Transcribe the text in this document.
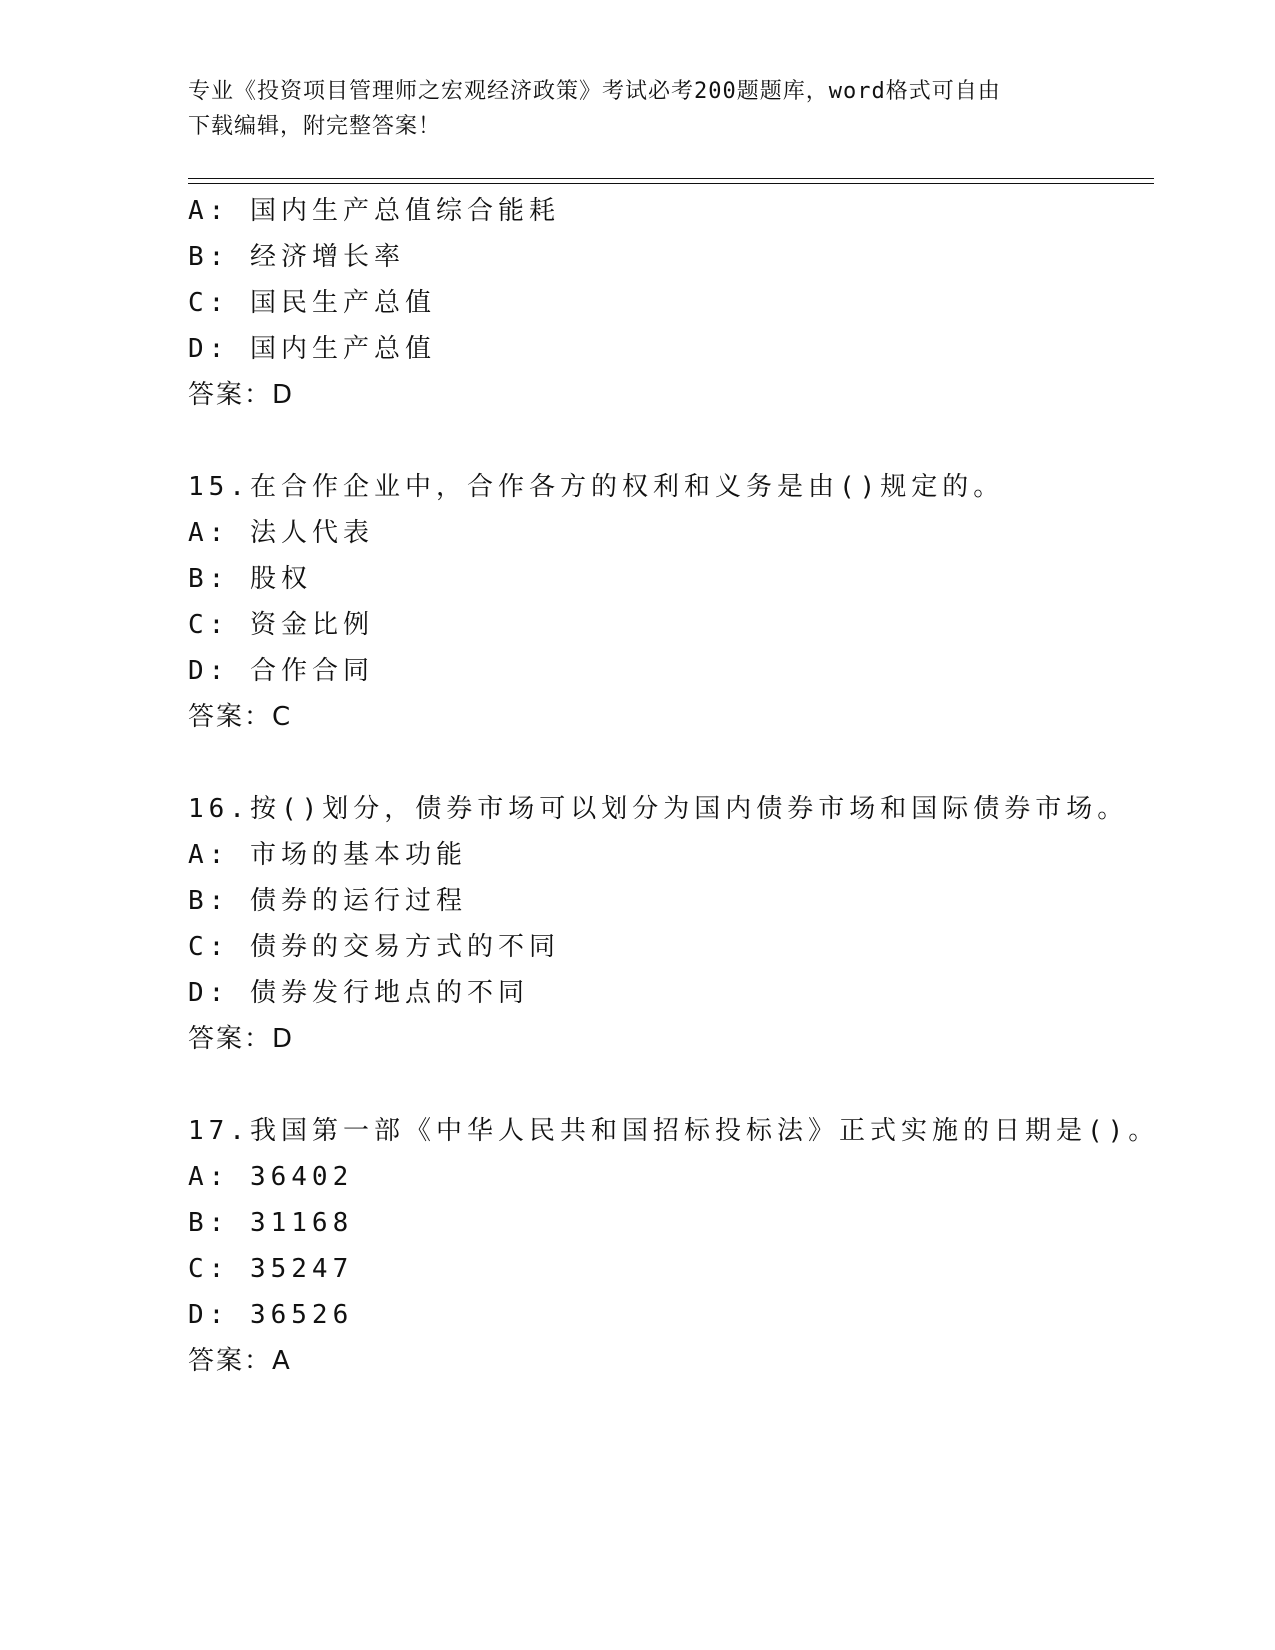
专业《投资项目管理师之宏观经济政策》考试必考200题题库，word格式可自由
下载编辑，附完整答案！
A: 国内生产总值综合能耗
B: 经济增长率
C: 国民生产总值
D: 国内生产总值
答案：D
15.在合作企业中，合作各方的权利和义务是由()规定的。
A: 法人代表
B: 股权
C: 资金比例
D: 合作合同
答案：C
16.按()划分，债券市场可以划分为国内债券市场和国际债券市场。
A: 市场的基本功能
B: 债券的运行过程
C: 债券的交易方式的不同
D: 债券发行地点的不同
答案：D
17.我国第一部《中华人民共和国招标投标法》正式实施的日期是()。
A: 36402
B: 31168
C: 35247
D: 36526
答案：A
